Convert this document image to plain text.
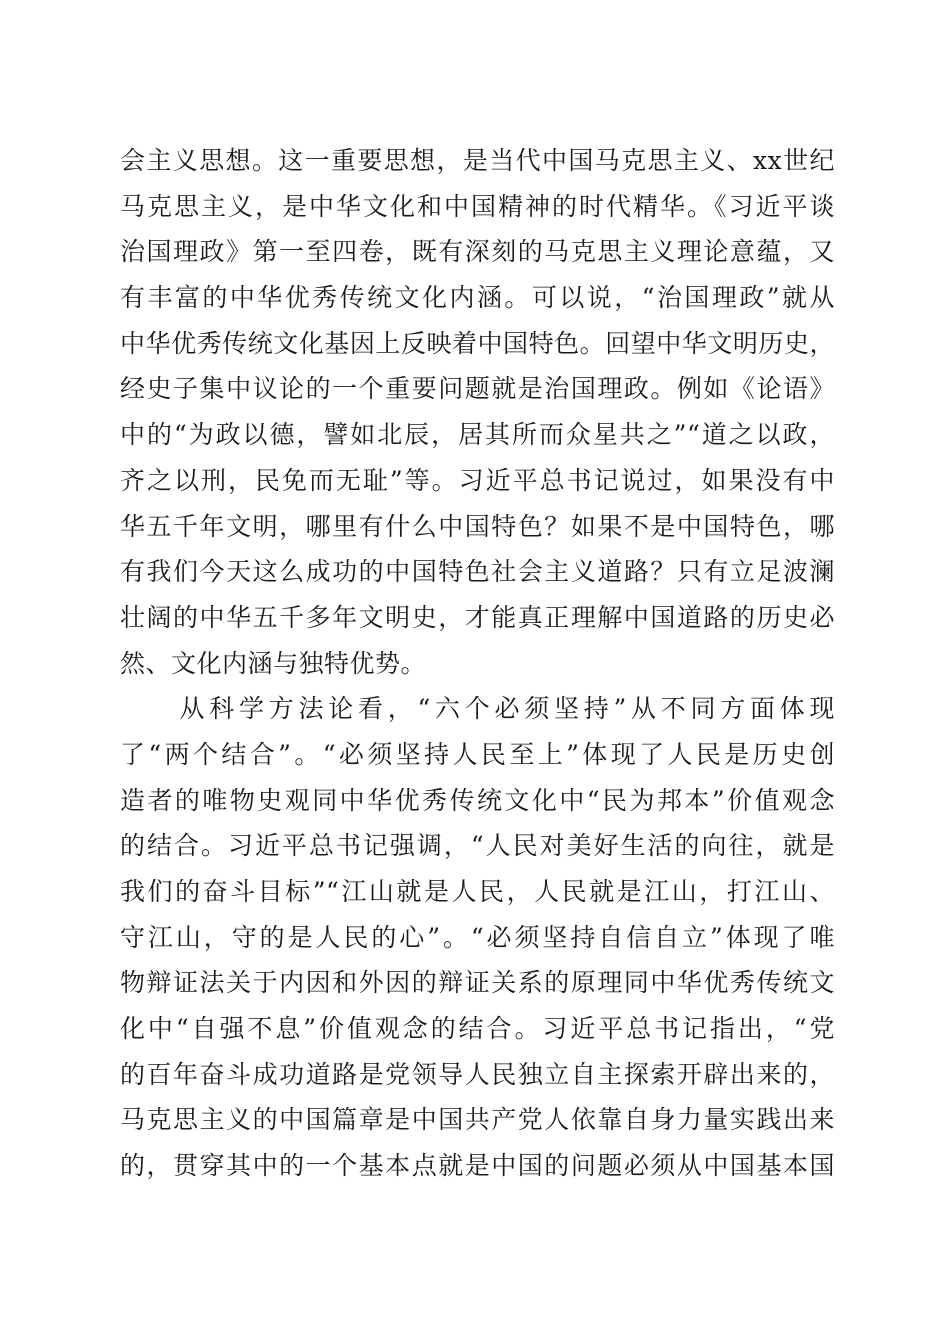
会主义思想。这一重要思想，是当代中国马克思主义、xx世纪
马克思主义，是中华文化和中国精神的时代精华。《习近平谈
治国理政》第一至四卷，既有深刻的马克思主义理论意蕴，又
有丰富的中华优秀传统文化内涵。可以说，“治国理政”就从
中华优秀传统文化基因上反映着中国特色。回望中华文明历史，
经史子集中议论的一个重要问题就是治国理政。例如《论语》
中的“为政以德，譬如北辰，居其所而众星共之”“道之以政，
齐之以刑，民免而无耻”等。习近平总书记说过，如果没有中
华五千年文明，哪里有什么中国特色？如果不是中国特色，哪
有我们今天这么成功的中国特色社会主义道路？只有立足波澜
壮阔的中华五千多年文明史，才能真正理解中国道路的历史必
然、文化内涵与独特优势。
　　从科学方法论看，“六个必须坚持”从不同方面体现
了“两个结合”。“必须坚持人民至上”体现了人民是历史创
造者的唯物史观同中华优秀传统文化中“民为邦本”价值观念
的结合。习近平总书记强调，“人民对美好生活的向往，就是
我们的奋斗目标”“江山就是人民，人民就是江山，打江山、
守江山，守的是人民的心”。“必须坚持自信自立”体现了唯
物辩证法关于内因和外因的辩证关系的原理同中华优秀传统文
化中“自强不息”价值观念的结合。习近平总书记指出，“党
的百年奋斗成功道路是党领导人民独立自主探索开辟出来的，
马克思主义的中国篇章是中国共产党人依靠自身力量实践出来
的，贯穿其中的一个基本点就是中国的问题必须从中国基本国
